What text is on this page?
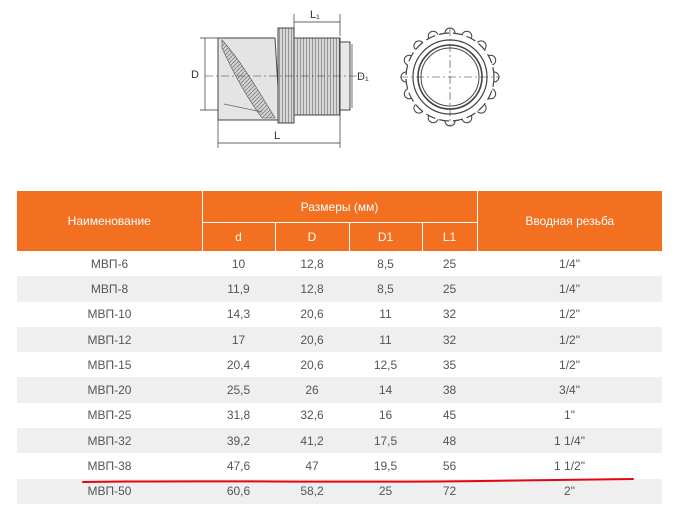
L₁
D	D₁
L
Наименование	Размеры (мм)				Вводная резьба
	d	D	D1	L1	
МВП-6	10	12,8	8,5	25	1/4"
МВП-8	11,9	12,8	8,5	25	1/4"
МВП-10	14,3	20,6	11	32	1/2"
МВП-12	17	20,6	11	32	1/2"
МВП-15	20,4	20,6	12,5	35	1/2"
МВП-20	25,5	26	14	38	3/4"
МВП-25	31,8	32,6	16	45	1"
МВП-32	39,2	41,2	17,5	48	1 1/4"
МВП-38	47,6	47	19,5	56	1 1/2"
МВП-50	60,6	58,2	25	72	2"
